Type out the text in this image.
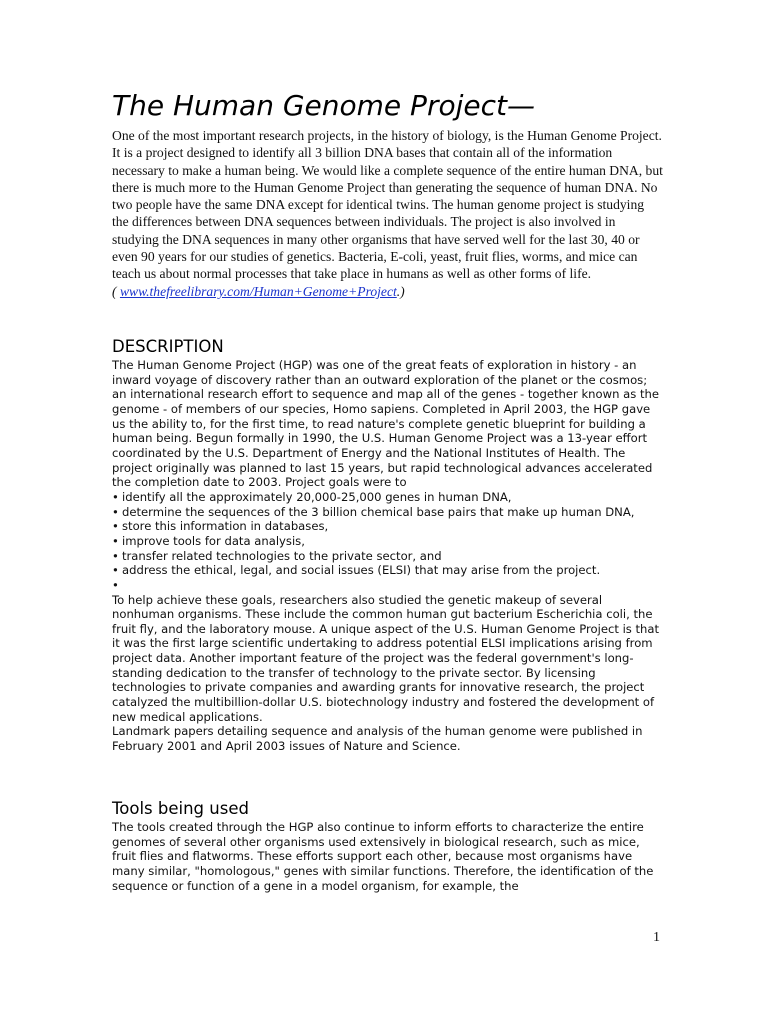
The Human Genome Project—

One of the most important research projects, in the history of biology, is the Human Genome Project. It is a project designed to identify all 3 billion DNA bases that contain all of the information necessary to make a human being. We would like a complete sequence of the entire human DNA, but there is much more to the Human Genome Project than generating the sequence of human DNA. No two people have the same DNA except for identical twins. The human genome project is studying the differences between DNA sequences between individuals. The project is also involved in studying the DNA sequences in many other organisms that have served well for the last 30, 40 or even 90 years for our studies of genetics. Bacteria, E-coli, yeast, fruit flies, worms, and mice can teach us about normal processes that take place in humans as well as other forms of life.

( www.thefreelibrary.com/Human+Genome+Project.)

DESCRIPTION

The Human Genome Project (HGP) was one of the great feats of exploration in history - an inward voyage of discovery rather than an outward exploration of the planet or the cosmos; an international research effort to sequence and map all of the genes - together known as the genome - of members of our species, Homo sapiens. Completed in April 2003, the HGP gave us the ability to, for the first time, to read nature's complete genetic blueprint for building a human being. Begun formally in 1990, the U.S. Human Genome Project was a 13-year effort coordinated by the U.S. Department of Energy and the National Institutes of Health. The project originally was planned to last 15 years, but rapid technological advances accelerated the completion date to 2003. Project goals were to

• identify all the approximately 20,000-25,000 genes in human DNA,
• determine the sequences of the 3 billion chemical base pairs that make up human DNA,
• store this information in databases,
• improve tools for data analysis,
• transfer related technologies to the private sector, and
• address the ethical, legal, and social issues (ELSI) that may arise from the project.
•

To help achieve these goals, researchers also studied the genetic makeup of several nonhuman organisms. These include the common human gut bacterium Escherichia coli, the fruit fly, and the laboratory mouse. A unique aspect of the U.S. Human Genome Project is that it was the first large scientific undertaking to address potential ELSI implications arising from project data. Another important feature of the project was the federal government's long-standing dedication to the transfer of technology to the private sector. By licensing technologies to private companies and awarding grants for innovative research, the project catalyzed the multibillion-dollar U.S. biotechnology industry and fostered the development of new medical applications.

Landmark papers detailing sequence and analysis of the human genome were published in February 2001 and April 2003 issues of Nature and Science.

Tools being used

The tools created through the HGP also continue to inform efforts to characterize the entire genomes of several other organisms used extensively in biological research, such as mice, fruit flies and flatworms. These efforts support each other, because most organisms have many similar, "homologous," genes with similar functions. Therefore, the identification of the sequence or function of a gene in a model organism, for example, the

1
